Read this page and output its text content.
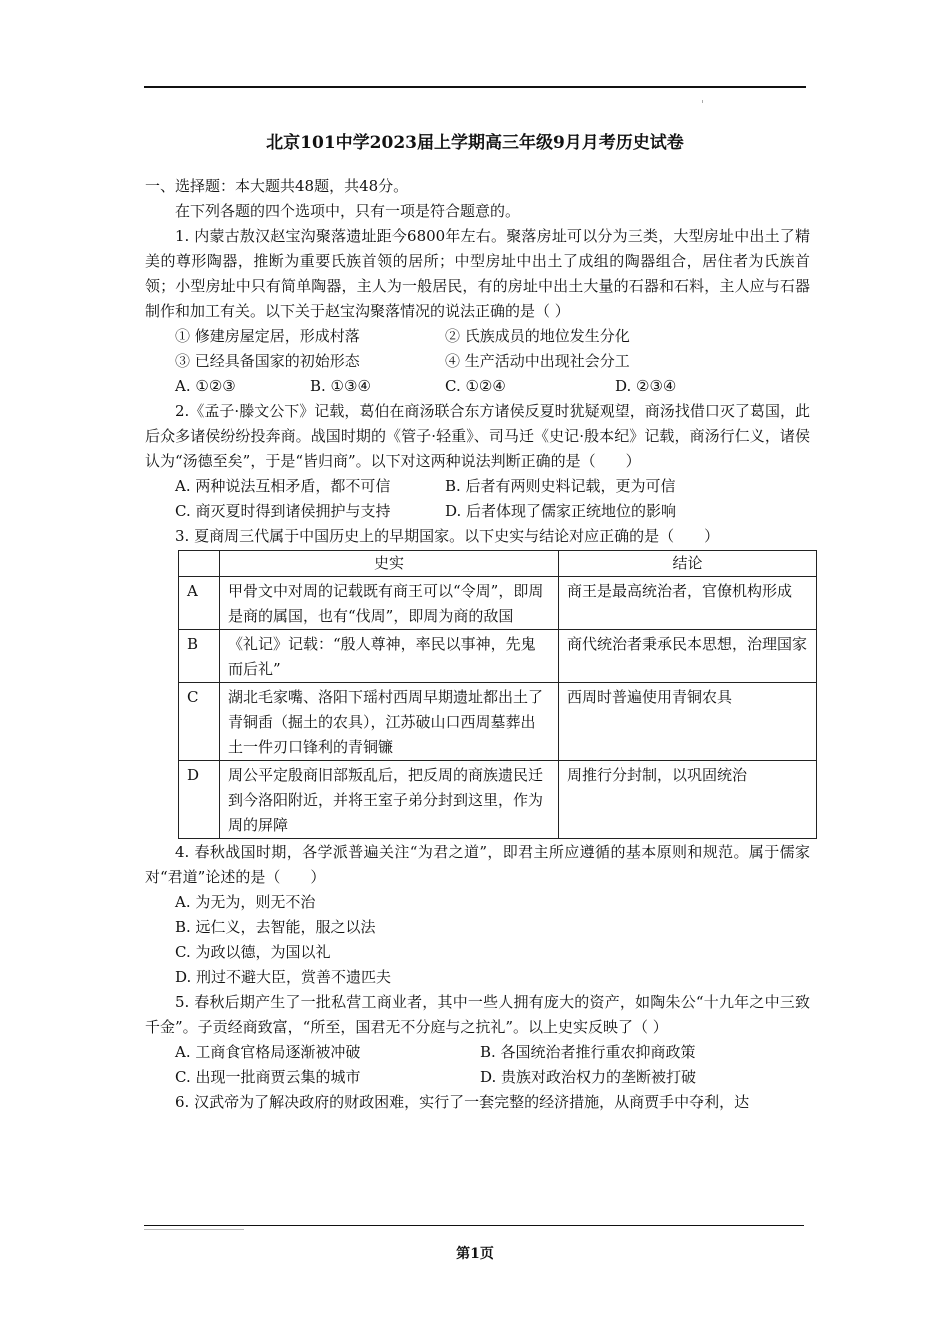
北京101中学2023届上学期高三年级9月月考历史试卷

一、选择题：本大题共48题，共48分。

在下列各题的四个选项中，只有一项是符合题意的。

1. 内蒙古敖汉赵宝沟聚落遗址距今6800年左右。聚落房址可以分为三类，大型房址中出土了精美的尊形陶器，推断为重要氏族首领的居所；中型房址中出土了成组的陶器组合，居住者为氏族首领；小型房址中只有简单陶器，主人为一般居民，有的房址中出土大量的石器和石料，主人应与石器制作和加工有关。以下关于赵宝沟聚落情况的说法正确的是（ ）

① 修建房屋定居，形成村落	② 氏族成员的地位发生分化
③ 已经具备国家的初始形态	④ 生产活动中出现社会分工
A. ①②③	B. ①③④	C. ①②④	D. ②③④

2.《孟子·滕文公下》记载，葛伯在商汤联合东方诸侯反夏时犹疑观望，商汤找借口灭了葛国，此后众多诸侯纷纷投奔商。战国时期的《管子·轻重》、司马迁《史记·殷本纪》记载，商汤行仁义，诸侯认为“汤德至矣”，于是“皆归商”。以下对这两种说法判断正确的是（　　）

A. 两种说法互相矛盾，都不可信	B. 后者有两则史料记载，更为可信
C. 商灭夏时得到诸侯拥护与支持	D. 后者体现了儒家正统地位的影响

3. 夏商周三代属于中国历史上的早期国家。以下史实与结论对应正确的是（　　）

	史实	结论
A	甲骨文中对周的记载既有商王可以“令周”，即周是商的属国，也有“伐周”，即周为商的敌国	商王是最高统治者，官僚机构形成
B	《礼记》记载：“殷人尊神，率民以事神，先鬼而后礼”	商代统治者秉承民本思想，治理国家
C	湖北毛家嘴、洛阳下瑶村西周早期遗址都出土了青铜臿（掘土的农具），江苏破山口西周墓葬出土一件刃口锋利的青铜镰	西周时普遍使用青铜农具
D	周公平定殷商旧部叛乱后，把反周的商族遗民迁到今洛阳附近，并将王室子弟分封到这里，作为周的屏障	周推行分封制，以巩固统治

4. 春秋战国时期，各学派普遍关注“为君之道”，即君主所应遵循的基本原则和规范。属于儒家对“君道”论述的是（　　）

A. 为无为，则无不治

B. 远仁义，去智能，服之以法

C. 为政以德，为国以礼

D. 刑过不避大臣，赏善不遗匹夫

5. 春秋后期产生了一批私营工商业者，其中一些人拥有庞大的资产，如陶朱公“十九年之中三致千金”。子贡经商致富，“所至，国君无不分庭与之抗礼”。以上史实反映了（ ）

A. 工商食官格局逐渐被冲破	B. 各国统治者推行重农抑商政策
C. 出现一批商贾云集的城市	D. 贵族对政治权力的垄断被打破

6. 汉武帝为了解决政府的财政困难，实行了一套完整的经济措施，从商贾手中夺利，达

第1页
